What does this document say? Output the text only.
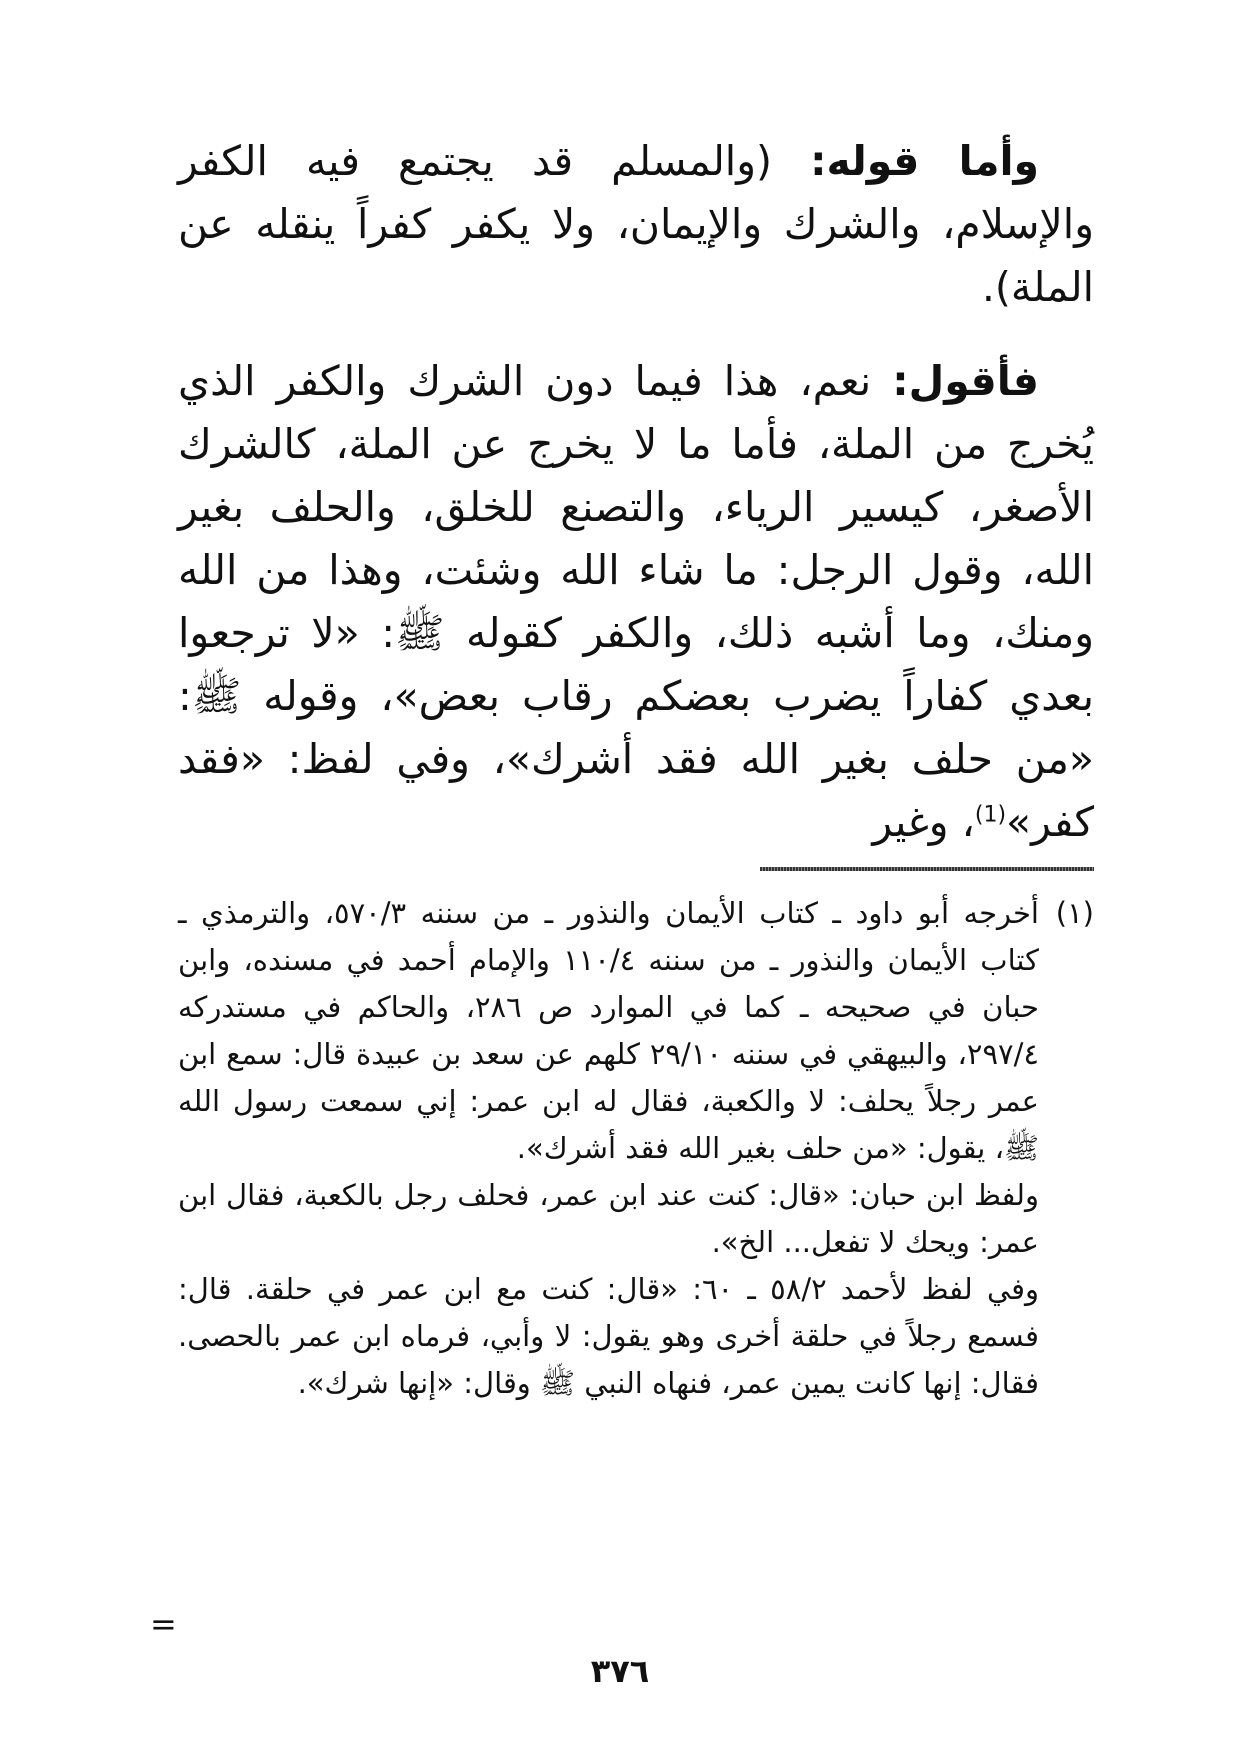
وأما قوله: (والمسلم قد يجتمع فيه الكفر والإسلام، والشرك والإيمان، ولا يكفر كفراً ينقله عن الملة).

فأقول: نعم، هذا فيما دون الشرك والكفر الذي يُخرج من الملة، فأما ما لا يخرج عن الملة، كالشرك الأصغر، كيسير الرياء، والتصنع للخلق، والحلف بغير الله، وقول الرجل: ما شاء الله وشئت، وهذا من الله ومنك، وما أشبه ذلك، والكفر كقوله ﷺ: «لا ترجعوا بعدي كفاراً يضرب بعضكم رقاب بعض»، وقوله ﷺ: «من حلف بغير الله فقد أشرك»، وفي لفظ: «فقد كفر»$^{(1)}$، وغير

(١)
أخرجه أبو داود ـ كتاب الأيمان والنذور ـ من سننه ٥٧٠/٣، والترمذي ـ كتاب الأيمان والنذور ـ من سننه ١١٠/٤ والإمام أحمد في مسنده، وابن حبان في صحيحه ـ كما في الموارد ص ٢٨٦، والحاكم في مستدركه ٢٩٧/٤، والبيهقي في سننه ٢٩/١٠ كلهم عن سعد بن عبيدة قال: سمع ابن عمر رجلاً يحلف: لا والكعبة، فقال له ابن عمر: إني سمعت رسول الله ﷺ، يقول: «من حلف بغير الله فقد أشرك».

ولفظ ابن حبان: «قال: كنت عند ابن عمر، فحلف رجل بالكعبة، فقال ابن عمر: ويحك لا تفعل... الخ».

وفي لفظ لأحمد ٥٨/٢ ـ ٦٠: «قال: كنت مع ابن عمر في حلقة. قال: فسمع رجلاً في حلقة أخرى وهو يقول: لا وأبي، فرماه ابن عمر بالحصى. فقال: إنها كانت يمين عمر، فنهاه النبي ﷺ وقال: «إنها شرك».

=
٣٧٦
